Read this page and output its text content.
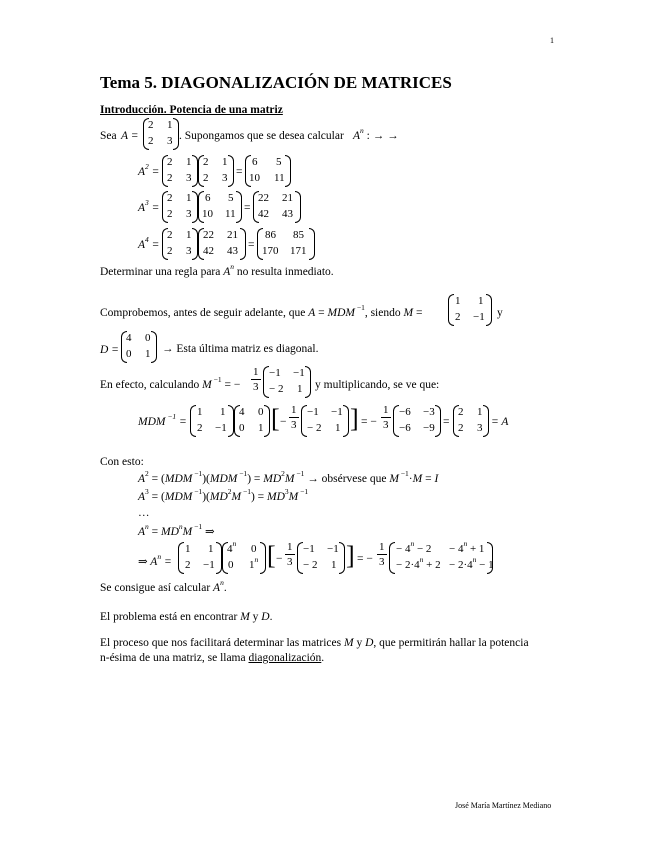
1
Tema 5. DIAGONALIZACIÓN DE MATRICES
Introducción. Potencia de una matriz
Sea A =
2 1
2 3 . Supongamos que se desea calcular $A^n$ : → →
$A^2$ =
2 1
2 3
2 1
2 3 =
6 5
10 11
$A^3$ =
2 1
2 3
6 5
10 11 =
22 21
42 43
$A^4$ =
2 1
2 3
22 21
42 43 =
86 85
170 171
Determinar una regla para $A^n$ no resulta inmediato.
Comprobemos, antes de seguir adelante, que A = MDM $^{-1}$, siendo M =
1 1
2 −1 y
D =
4 0
0 1 → Esta última matriz es diagonal.
En efecto, calculando M $^{-1}$ = −
1
3
−1 −1
− 2 1 y multiplicando, se ve que:
MDM $^{-1}$ =
1 1
2 −1
4 0
0 1 [ −
1
3
−1 −1
− 2 1 ] = −
1
3
−6 −3
−6 −9 =
2 1
2 3 = A
Con esto:
$A^2 = (MDM$ $^{-1}$)(MDM $^{-1}) = MD^2M$ $^{-1}$ → obsérvese que M $^{-1}$·M = I
$A^3 = (MDM$ $^{-1})(MD^2M$ $^{-1}) = MD^3M$ $^{-1}$
…
$A^n = MD^nM$ $^{-1}$ ⇒
⇒ $A^n$ =
1 1
2 −1
4$^n$ 0
0 1$^n$ [ −
1
3
−1 −1
− 2 1 ] = −
1
3
− $4^n - 2 - 4^n + 1$
− $2\cdot 4^n + 2 - 2\cdot 4^n - 1$
Se consigue así calcular $A^n$.
El problema está en encontrar M y D.
El proceso que nos facilitará determinar las matrices M y D, que permitirán hallar la potencia
n-ésima de una matriz, se llama diagonalización.
José María Martínez Mediano
